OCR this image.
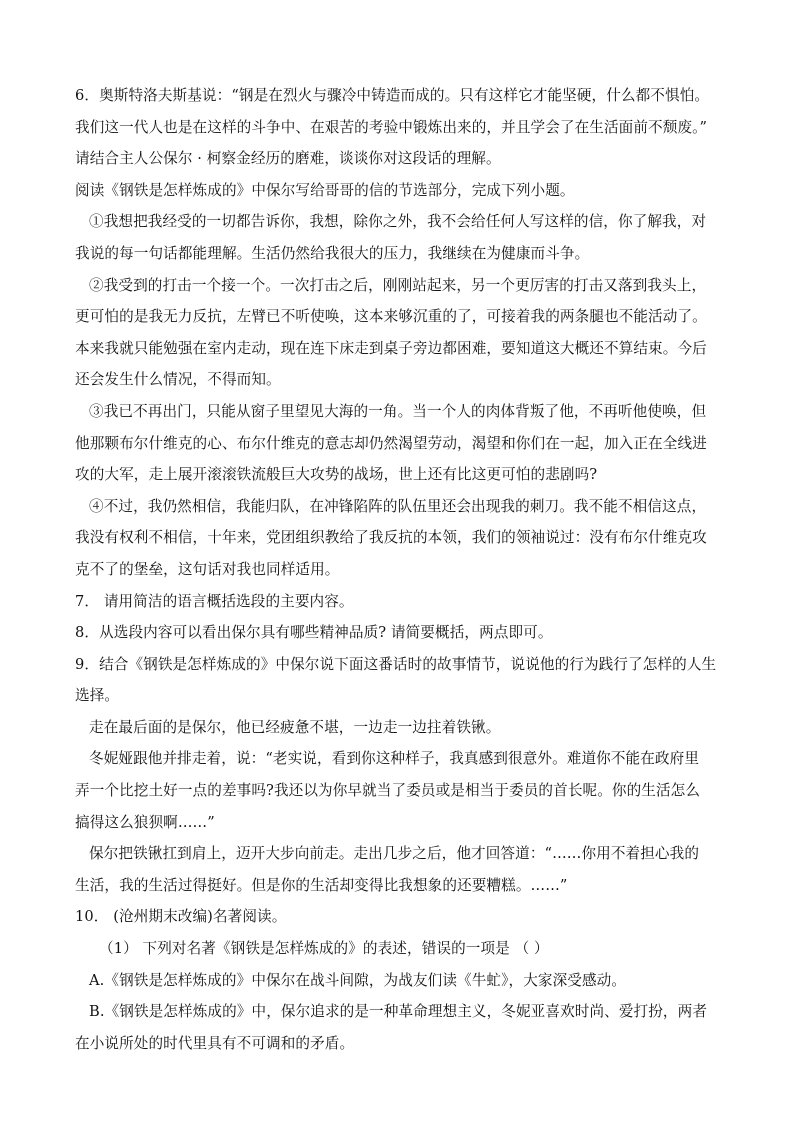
6．奥斯特洛夫斯基说：“钢是在烈火与骤冷中铸造而成的。只有这样它才能坚硬，什么都不惧怕。
我们这一代人也是在这样的斗争中、在艰苦的考验中锻炼出来的，并且学会了在生活面前不颓废。”
请结合主人公保尔 · 柯察金经历的磨难，谈谈你对这段话的理解。
阅读《钢铁是怎样炼成的》中保尔写给哥哥的信的节选部分，完成下列小题。
①我想把我经受的一切都告诉你，我想，除你之外，我不会给任何人写这样的信，你了解我，对
我说的每一句话都能理解。生活仍然给我很大的压力，我继续在为健康而斗争。
②我受到的打击一个接一个。一次打击之后，刚刚站起来，另一个更厉害的打击又落到我头上，
更可怕的是我无力反抗，左臂已不听使唤，这本来够沉重的了，可接着我的两条腿也不能活动了。
本来我就只能勉强在室内走动，现在连下床走到桌子旁边都困难，要知道这大概还不算结束。今后
还会发生什么情况，不得而知。
③我已不再出门，只能从窗子里望见大海的一角。当一个人的肉体背叛了他，不再听他使唤，但
他那颗布尔什维克的心、布尔什维克的意志却仍然渴望劳动，渴望和你们在一起，加入正在全线进
攻的大军，走上展开滚滚铁流般巨大攻势的战场，世上还有比这更可怕的悲剧吗?
④不过，我仍然相信，我能归队，在冲锋陷阵的队伍里还会出现我的刺刀。我不能不相信这点，
我没有权利不相信，十年来，党团组织教给了我反抗的本领，我们的领袖说过：没有布尔什维克攻
克不了的堡垒，这句话对我也同样适用。
7． 请用简洁的语言概括选段的主要内容。
8．从选段内容可以看出保尔具有哪些精神品质? 请简要概括，两点即可。
9．结合《钢铁是怎样炼成的》中保尔说下面这番话时的故事情节，说说他的行为践行了怎样的人生
选择。
走在最后面的是保尔，他已经疲惫不堪，一边走一边拄着铁锹。
冬妮娅跟他并排走着，说：“老实说，看到你这种样子，我真感到很意外。难道你不能在政府里
弄一个比挖土好一点的差事吗?我还以为你早就当了委员或是相当于委员的首长呢。你的生活怎么
搞得这么狼狈啊……”
保尔把铁锹扛到肩上，迈开大步向前走。走出几步之后，他才回答道：“……你用不着担心我的
生活，我的生活过得挺好。但是你的生活却变得比我想象的还要糟糕。……”
10． (沧州期末改编)名著阅读。
（1） 下列对名著《钢铁是怎样炼成的》的表述，错误的一项是 （ ）
A.《钢铁是怎样炼成的》中保尔在战斗间隙，为战友们读《牛虻》，大家深受感动。
B.《钢铁是怎样炼成的》中，保尔追求的是一种革命理想主义，冬妮亚喜欢时尚、爱打扮，两者
在小说所处的时代里具有不可调和的矛盾。
